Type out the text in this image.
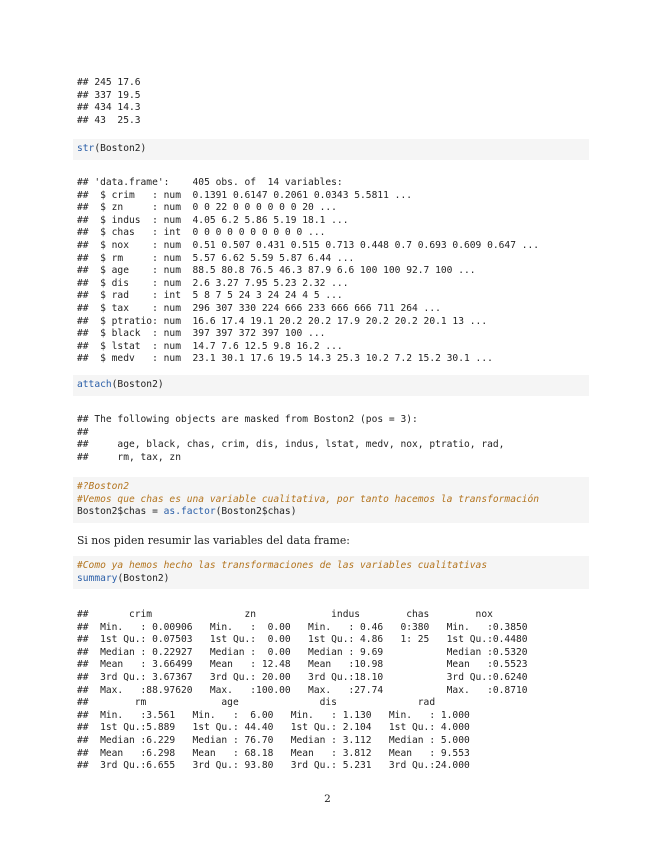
## 245 17.6
## 337 19.5
## 434 14.3
## 43  25.3
str(Boston2)
## 'data.frame':    405 obs. of  14 variables:
##  $ crim   : num  0.1391 0.6147 0.2061 0.0343 5.5811 ...
##  $ zn     : num  0 0 22 0 0 0 0 0 0 20 ...
##  $ indus  : num  4.05 6.2 5.86 5.19 18.1 ...
##  $ chas   : int  0 0 0 0 0 0 0 0 0 0 ...
##  $ nox    : num  0.51 0.507 0.431 0.515 0.713 0.448 0.7 0.693 0.609 0.647 ...
##  $ rm     : num  5.57 6.62 5.59 5.87 6.44 ...
##  $ age    : num  88.5 80.8 76.5 46.3 87.9 6.6 100 100 92.7 100 ...
##  $ dis    : num  2.6 3.27 7.95 5.23 2.32 ...
##  $ rad    : int  5 8 7 5 24 3 24 24 4 5 ...
##  $ tax    : num  296 307 330 224 666 233 666 666 711 264 ...
##  $ ptratio: num  16.6 17.4 19.1 20.2 20.2 17.9 20.2 20.2 20.1 13 ...
##  $ black  : num  397 397 372 397 100 ...
##  $ lstat  : num  14.7 7.6 12.5 9.8 16.2 ...
##  $ medv   : num  23.1 30.1 17.6 19.5 14.3 25.3 10.2 7.2 15.2 30.1 ...
attach(Boston2)
## The following objects are masked from Boston2 (pos = 3):
##
##     age, black, chas, crim, dis, indus, lstat, medv, nox, ptratio, rad,
##     rm, tax, zn
#?Boston2
#Vemos que chas es una variable cualitativa, por tanto hacemos la transformación
Boston2$chas = as.factor(Boston2$chas)

Si nos piden resumir las variables del data frame:

#Como ya hemos hecho las transformaciones de las variables cualitativas
summary(Boston2)
##       crim                zn             indus        chas        nox
##  Min.   : 0.00906   Min.   :  0.00   Min.   : 0.46   0:380   Min.   :0.3850
##  1st Qu.: 0.07503   1st Qu.:  0.00   1st Qu.: 4.86   1: 25   1st Qu.:0.4480
##  Median : 0.22927   Median :  0.00   Median : 9.69           Median :0.5320
##  Mean   : 3.66499   Mean   : 12.48   Mean   :10.98           Mean   :0.5523
##  3rd Qu.: 3.67367   3rd Qu.: 20.00   3rd Qu.:18.10           3rd Qu.:0.6240
##  Max.   :88.97620   Max.   :100.00   Max.   :27.74           Max.   :0.8710
##        rm             age              dis              rad
##  Min.   :3.561   Min.   :  6.00   Min.   : 1.130   Min.   : 1.000
##  1st Qu.:5.889   1st Qu.: 44.40   1st Qu.: 2.104   1st Qu.: 4.000
##  Median :6.229   Median : 76.70   Median : 3.112   Median : 5.000
##  Mean   :6.298   Mean   : 68.18   Mean   : 3.812   Mean   : 9.553
##  3rd Qu.:6.655   3rd Qu.: 93.80   3rd Qu.: 5.231   3rd Qu.:24.000
2
